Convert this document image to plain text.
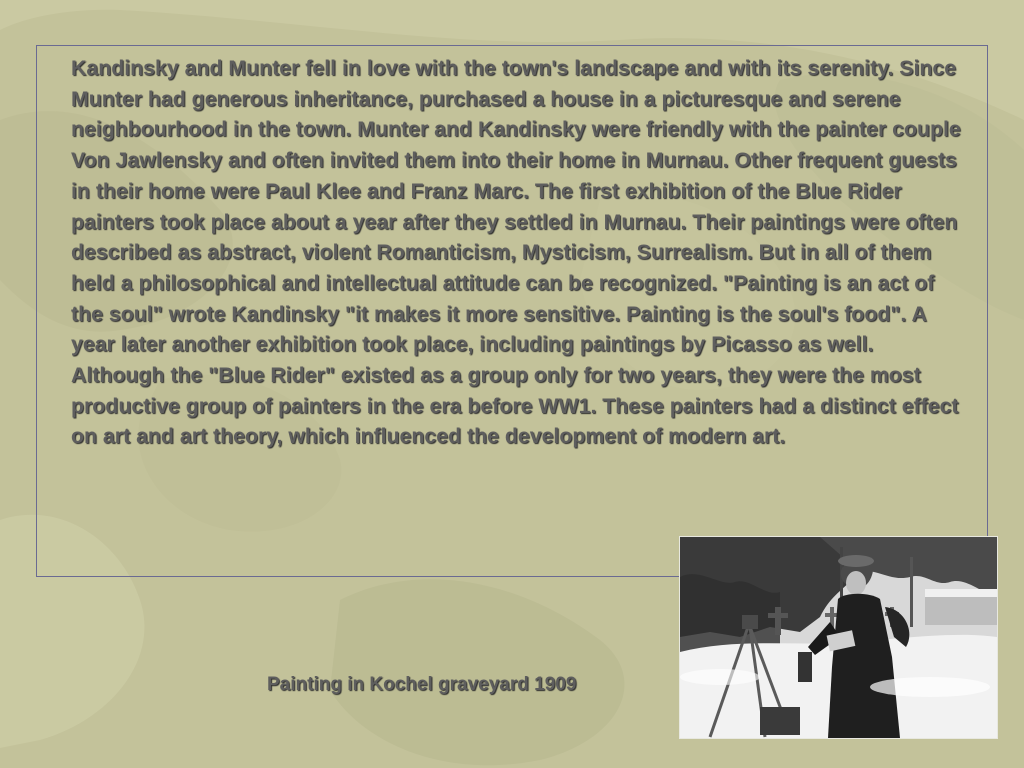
Kandinsky and Munter fell in love with the town's landscape and with its serenity. Since Munter had generous inheritance, purchased a house in a picturesque and serene neighbourhood in the town. Munter and Kandinsky were friendly with the painter couple Von Jawlensky and often invited them into their home in Murnau. Other frequent guests in their home were Paul Klee and Franz Marc. The first exhibition of the Blue Rider painters took place about a year after they settled in Murnau. Their paintings were often described as abstract, violent Romanticism, Mysticism, Surrealism. But in all of them held a philosophical and intellectual attitude can be recognized. "Painting is an act of the soul" wrote Kandinsky "it makes it more sensitive. Painting is the soul's food". A year later another exhibition took place, including paintings by Picasso as well. Although the "Blue Rider" existed as a group only for two years, they were the most productive group of painters in the era before WW1. These painters had a distinct effect on art and art theory, which influenced the development of modern art.

Painting in Kochel graveyard 1909
